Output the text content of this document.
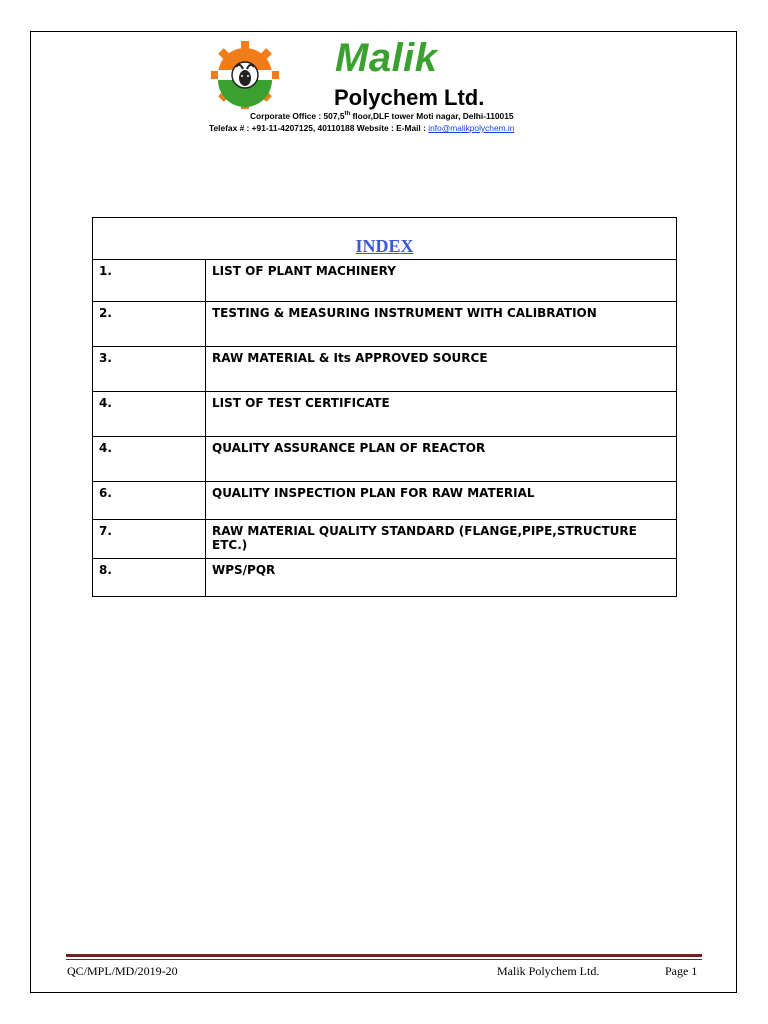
Malik
Polychem Ltd.
Corporate Office : 507,5th floor,DLF tower Moti nagar, Delhi-110015
Telefax # : +91-11-4207125, 40110188 Website : E-Mail : info@malikpolychem.in
INDEX	
1.	LIST OF PLANT MACHINERY
2.	TESTING & MEASURING INSTRUMENT WITH CALIBRATION
3.	RAW MATERIAL & Its APPROVED SOURCE
4.	LIST OF TEST CERTIFICATE
4.	QUALITY ASSURANCE PLAN OF REACTOR
6.	QUALITY INSPECTION PLAN FOR RAW MATERIAL
7.	RAW MATERIAL QUALITY STANDARD (FLANGE,PIPE,STRUCTURE ETC.)
8.	WPS/PQR
QC/MPL/MD/2019-20	Malik Polychem Ltd.	Page 1
